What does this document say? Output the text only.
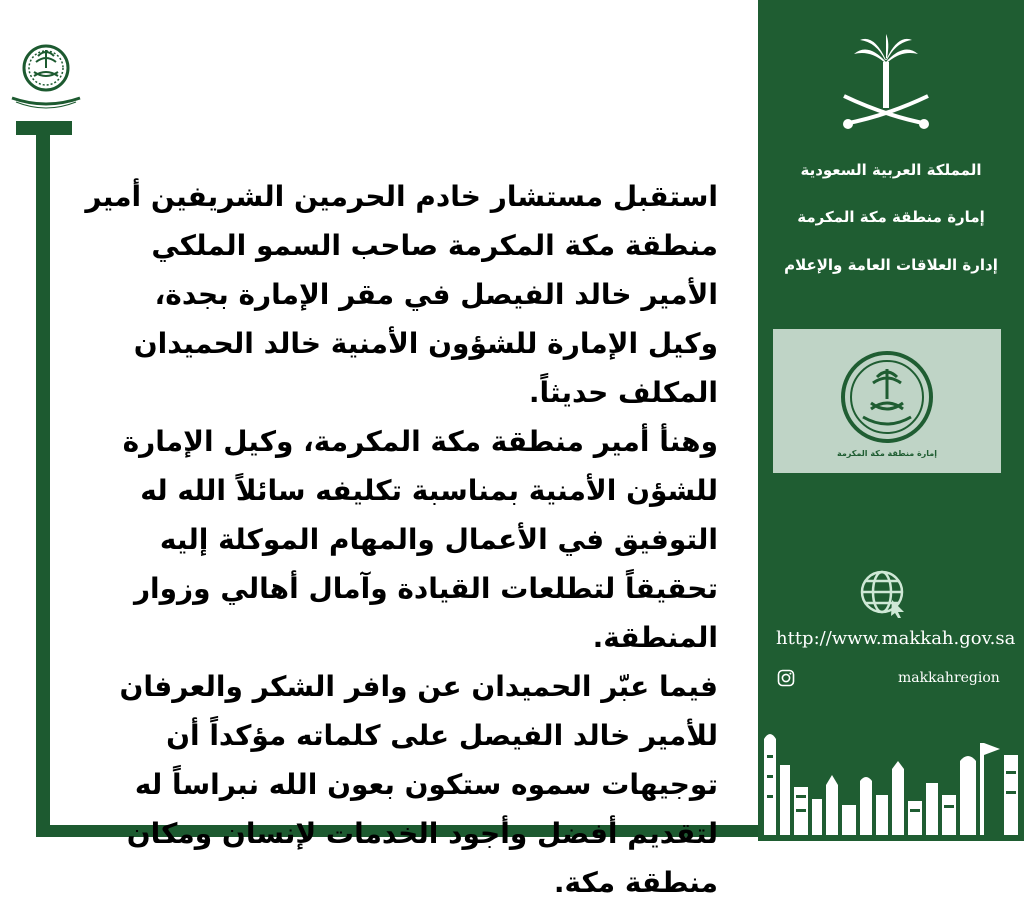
استقبل مستشار خادم الحرمين الشريفين أمير منطقة مكة المكرمة صاحب السمو الملكي الأمير خالد الفيصل في مقر الإمارة بجدة، وكيل الإمارة للشؤون الأمنية خالد الحميدان المكلف حديثاً.

وهنأ أمير منطقة مكة المكرمة، وكيل الإمارة للشؤن الأمنية بمناسبة تكليفه سائلاً الله له التوفيق في الأعمال والمهام الموكلة إليه تحقيقاً لتطلعات القيادة وآمال أهالي وزوار المنطقة.

فيما عبّر الحميدان عن وافر الشكر والعرفان للأمير خالد الفيصل على كلماته مؤكداً أن توجيهات سموه ستكون بعون الله نبراساً له لتقديم أفضل وأجود الخدمات لإنسان ومكان منطقة مكة.

المملكة العربية السعودية
إمارة منطقة مكة المكرمة
إدارة العلاقات العامة والإعلام
إمارة منطقة مكة المكرمة
http://www.makkah.gov.sa
makkahregion
